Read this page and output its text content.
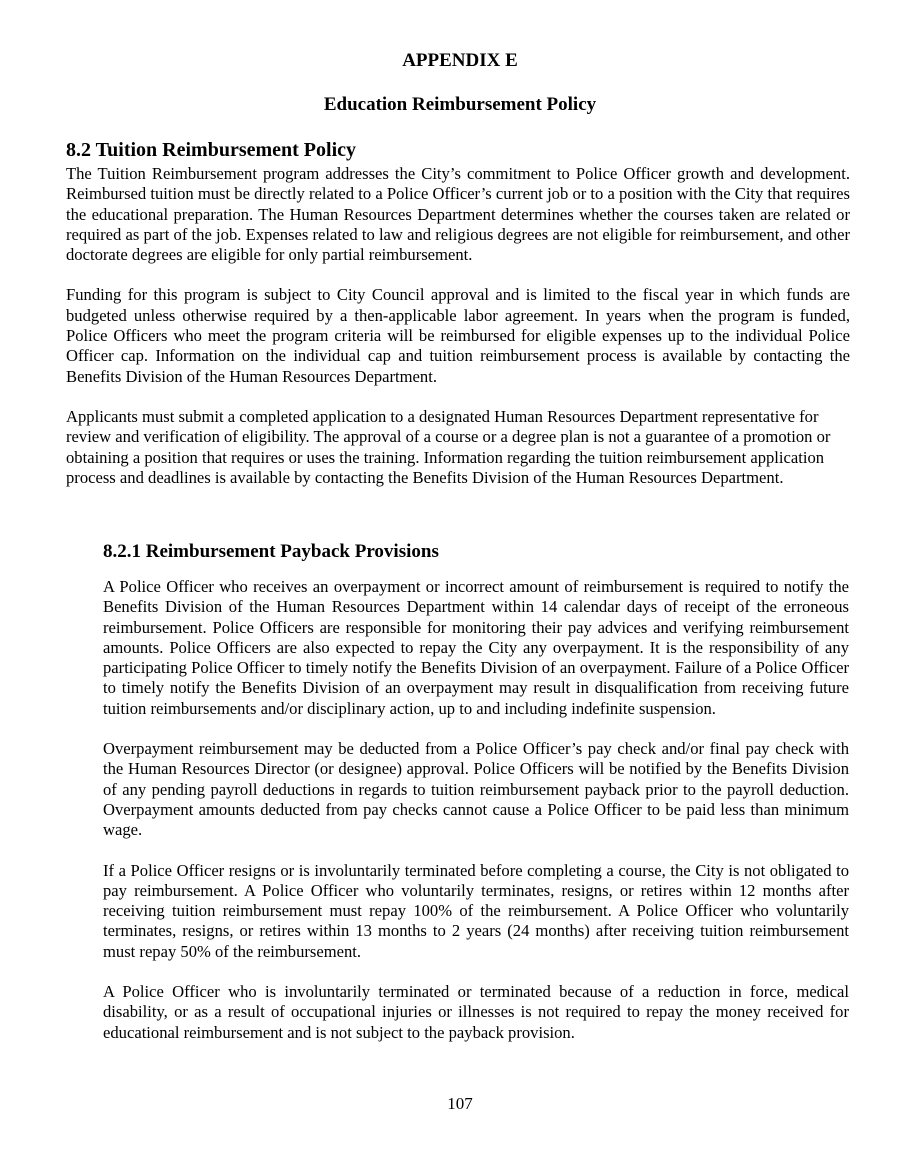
APPENDIX E
Education Reimbursement Policy
8.2 Tuition Reimbursement Policy

The Tuition Reimbursement program addresses the City’s commitment to Police Officer growth and development. Reimbursed tuition must be directly related to a Police Officer’s current job or to a position with the City that requires the educational preparation. The Human Resources Department determines whether the courses taken are related or required as part of the job. Expenses related to law and religious degrees are not eligible for reimbursement, and other doctorate degrees are eligible for only partial reimbursement.

Funding for this program is subject to City Council approval and is limited to the fiscal year in which funds are budgeted unless otherwise required by a then-applicable labor agreement. In years when the program is funded, Police Officers who meet the program criteria will be reimbursed for eligible expenses up to the individual Police Officer cap. Information on the individual cap and tuition reimbursement process is available by contacting the Benefits Division of the Human Resources Department.

Applicants must submit a completed application to a designated Human Resources Department representative for review and verification of eligibility. The approval of a course or a degree plan is not a guarantee of a promotion or obtaining a position that requires or uses the training. Information regarding the tuition reimbursement application process and deadlines is available by contacting the Benefits Division of the Human Resources Department.

8.2.1 Reimbursement Payback Provisions

A Police Officer who receives an overpayment or incorrect amount of reimbursement is required to notify the Benefits Division of the Human Resources Department within 14 calendar days of receipt of the erroneous reimbursement. Police Officers are responsible for monitoring their pay advices and verifying reimbursement amounts. Police Officers are also expected to repay the City any overpayment. It is the responsibility of any participating Police Officer to timely notify the Benefits Division of an overpayment. Failure of a Police Officer to timely notify the Benefits Division of an overpayment may result in disqualification from receiving future tuition reimbursements and/or disciplinary action, up to and including indefinite suspension.

Overpayment reimbursement may be deducted from a Police Officer’s pay check and/or final pay check with the Human Resources Director (or designee) approval. Police Officers will be notified by the Benefits Division of any pending payroll deductions in regards to tuition reimbursement payback prior to the payroll deduction. Overpayment amounts deducted from pay checks cannot cause a Police Officer to be paid less than minimum wage.

If a Police Officer resigns or is involuntarily terminated before completing a course, the City is not obligated to pay reimbursement. A Police Officer who voluntarily terminates, resigns, or retires within 12 months after receiving tuition reimbursement must repay 100% of the reimbursement. A Police Officer who voluntarily terminates, resigns, or retires within 13 months to 2 years (24 months) after receiving tuition reimbursement must repay 50% of the reimbursement.

A Police Officer who is involuntarily terminated or terminated because of a reduction in force, medical disability, or as a result of occupational injuries or illnesses is not required to repay the money received for educational reimbursement and is not subject to the payback provision.

107
